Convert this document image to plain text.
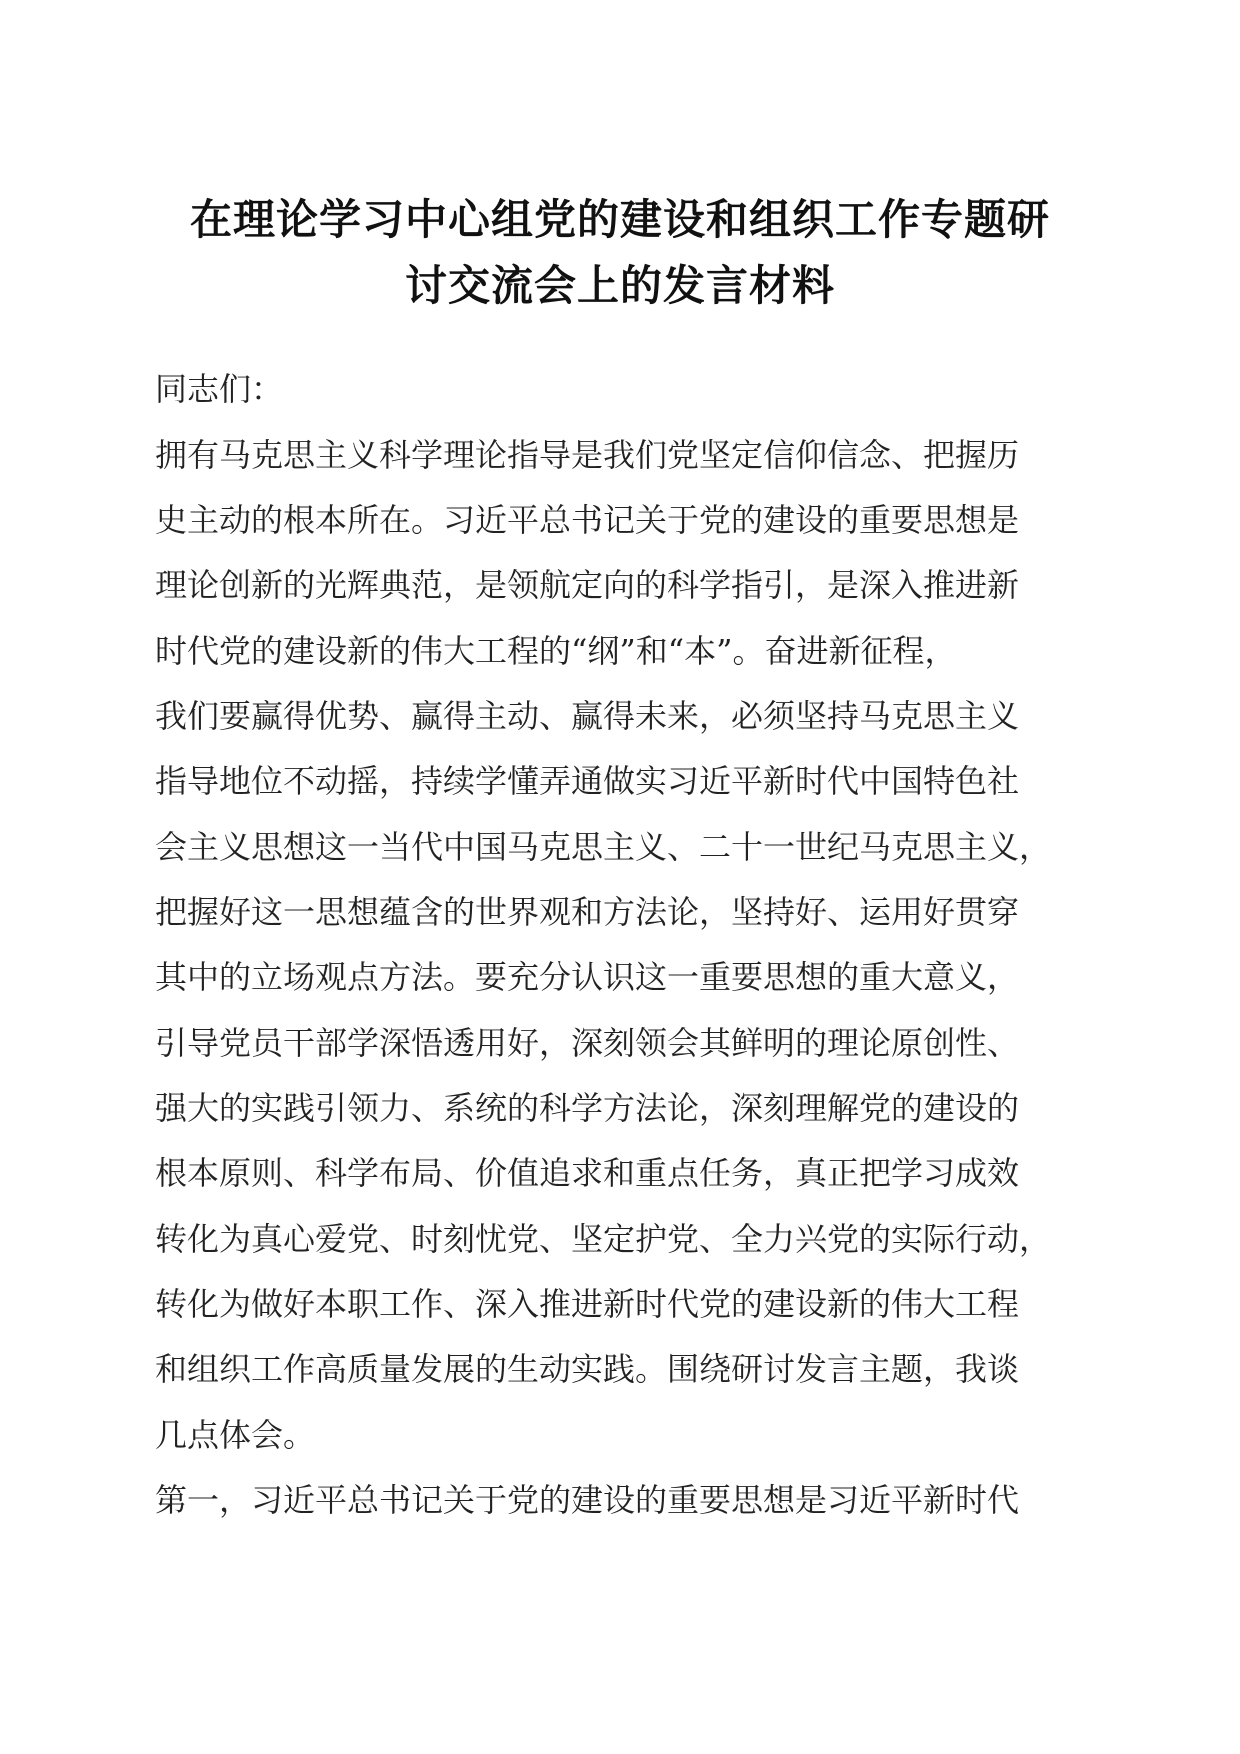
在理论学习中心组党的建设和组织工作专题研
讨交流会上的发言材料
同志们：
拥有马克思主义科学理论指导是我们党坚定信仰信念、把握历
史主动的根本所在。习近平总书记关于党的建设的重要思想是
理论创新的光辉典范，是领航定向的科学指引，是深入推进新
时代党的建设新的伟大工程的“纲”和“本”。奋进新征程，
我们要赢得优势、赢得主动、赢得未来，必须坚持马克思主义
指导地位不动摇，持续学懂弄通做实习近平新时代中国特色社
会主义思想这一当代中国马克思主义、二十一世纪马克思主义，
把握好这一思想蕴含的世界观和方法论，坚持好、运用好贯穿
其中的立场观点方法。要充分认识这一重要思想的重大意义，
引导党员干部学深悟透用好，深刻领会其鲜明的理论原创性、
强大的实践引领力、系统的科学方法论，深刻理解党的建设的
根本原则、科学布局、价值追求和重点任务，真正把学习成效
转化为真心爱党、时刻忧党、坚定护党、全力兴党的实际行动，
转化为做好本职工作、深入推进新时代党的建设新的伟大工程
和组织工作高质量发展的生动实践。围绕研讨发言主题，我谈
几点体会。
第一，习近平总书记关于党的建设的重要思想是习近平新时代
